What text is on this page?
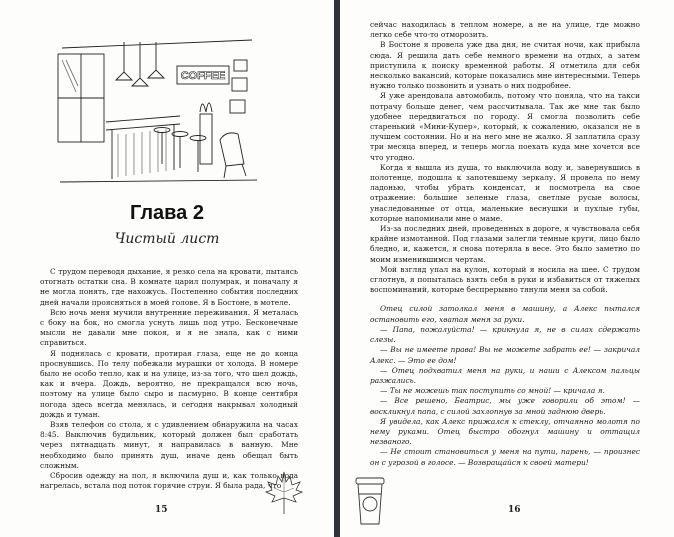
COFFEE
Глава 2
Чистый лист

С трудом переводя дыхание, я резко села на кровати, пытаясь отогнать остатки сна. В комнате царил полумрак, и поначалу я не могла понять, где нахожусь. Постепенно события последних дней начали проясняться в моей голове. Я в Бостоне, в мотеле.

Всю ночь меня мучили внутренние переживания. Я металась с боку на бок, но смогла уснуть лишь под утро. Бесконечные мысли не давали мне покоя, и я не знала, как с ними справиться.

Я поднялась с кровати, протирая глаза, еще не до конца проснувшись. По телу побежали мурашки от холода. В номере было не особо тепло, как и на улице, из-за того, что шел дождь, как и вчера. Дождь, вероятно, не прекращался всю ночь, поэтому на улице было сыро и пасмурно. В конце сентября погода здесь всегда менялась, и сегодня накрывал холодный дождь и туман.

Взяв телефон со стола, я с удивлением обнаружила на часах 8:45. Выключив будильник, который должен был сработать через пятнадцать минут, я направилась в ванную. Мне необходимо было принять душ, иначе день обещал быть сложным.

Сбросив одежду на пол, я включила душ и, как только вода нагрелась, встала под поток горячие струи. Я была рада, что

15

сейчас находилась в теплом номере, а не на улице, где можно легко себе что-то отморозить.

В Бостоне я провела уже два дня, не считая ночи, как прибыла сюда. Я решила дать себе немного времени на отдых, а затем приступила к поиску временной работы. Я отметила для себя несколько вакансий, которые показались мне интересными. Теперь нужно только позвонить и узнать о них подробнее.

Я уже арендовала автомобиль, потому что поняла, что на такси потрачу больше денег, чем рассчитывала. Так же мне так было удобнее передвигаться по городу. Я смогла позволить себе старенький «Мини-Купер», который, к сожалению, оказался не в лучшем состоянии. Но и на него мне не жалко. Я заплатила сразу три месяца вперед, и теперь могла поехать куда мне хочется все что угодно.

Когда я вышла из душа, то выключила воду и, завернувшись в полотенце, подошла к запотевшему зеркалу. Я провела по нему ладонью, чтобы убрать конденсат, и посмотрела на свое отражение: большие зеленые глаза, светлые русые волосы, унаследованные от отца, маленькие веснушки и пухлые губы, которые напоминали мне о маме.

Из-за последних дней, проведенных в дороге, я чувствовала себя крайне измотанной. Под глазами залегли темные круги, лицо было бледно, и, кажется, я снова потеряла в весе. Это было заметно по моим изменившимся чертам.

Мой взгляд упал на кулон, который я носила на шее. С трудом сглотнув, я попыталась взять себя в руки и избавиться от тяжелых воспоминаний, которые беспрерывно тянули меня за собой.

Отец силой затолкал меня в машину, а Алекс пытался остановить его, хватая меня за руки.

— Папа, пожалуйста! — крикнула я, не в силах сдержать слезы.

— Вы не имеете права! Вы не можете забрать ее! — закричал Алекс. — Это ее дом!

— Отец подхватил меня на руки, и наши с Алексом пальцы разжались.

— Ты не можешь так поступить со мной! — кричала я.

— Все решено, Беатрис, мы уже говорили об этом! — воскликнул папа, с силой захлопнув за мной заднюю дверь.

Я увидела, как Алекс прижался к стеклу, отчаянно молотя по нему руками. Отец быстро обогнул машину и оттащил незваного.

— Не стоит становиться у меня на пути, парень, — произнес он с угрозой в голосе. — Возвращайся к своей матери!

16
